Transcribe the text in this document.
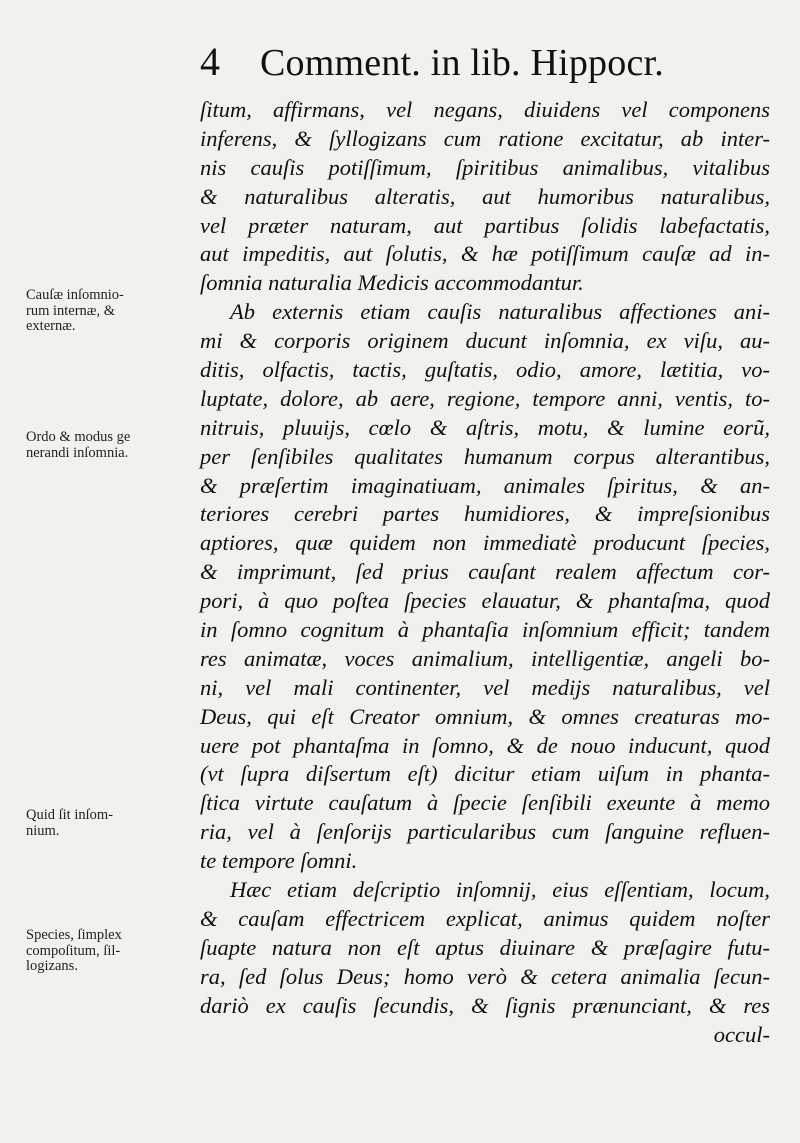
4	Comment. in lib. Hippocr.
ſitum, affirmans, vel negans, diuidens vel componens
inferens, & ſyllogizans cum ratione excitatur, ab inter-
nis cauſis potiſſimum, ſpiritibus animalibus, vitalibus
& naturalibus alteratis, aut humoribus naturalibus,
vel præter naturam, aut partibus ſolidis labefactatis,
aut impeditis, aut ſolutis, & hæ potiſſimum cauſæ ad in-
ſomnia naturalia Medicis accommodantur.
Ab externis etiam cauſis naturalibus affectiones ani-
mi & corporis originem ducunt inſomnia, ex viſu, au-
ditis, olfactis, tactis, guſtatis, odio, amore, lætitia, vo-
luptate, dolore, ab aere, regione, tempore anni, ventis, to-
nitruis, pluuijs, cœlo & aſtris, motu, & lumine eorũ,
per ſenſibiles qualitates humanum corpus alterantibus,
& præſertim imaginatiuam, animales ſpiritus, & an-
teriores cerebri partes humidiores, & impreſsionibus
aptiores, quæ quidem non immediatè producunt ſpecies,
& imprimunt, ſed prius cauſant realem affectum cor-
pori, à quo poſtea ſpecies elauatur, & phantaſma, quod
in ſomno cognitum à phantaſia inſomnium efficit; tandem
res animatæ, voces animalium, intelligentiæ, angeli bo-
ni, vel mali continenter, vel medijs naturalibus, vel
Deus, qui eſt Creator omnium, & omnes creaturas mo-
uere pot phantaſma in ſomno, & de nouo inducunt, quod
(vt ſupra diſsertum eſt) dicitur etiam uiſum in phanta-
ſtica virtute cauſatum à ſpecie ſenſibili exeunte à memo
ria, vel à ſenſorijs particularibus cum ſanguine refluen-
te tempore ſomni.
Hæc etiam deſcriptio inſomnij, eius eſſentiam, locum,
& cauſam effectricem explicat, animus quidem noſter
ſuapte natura non eſt aptus diuinare & præſagire futu-
ra, ſed ſolus Deus; homo verò & cetera animalia ſecun-
dariò ex cauſis ſecundis, & ſignis prænunciant, & res
occul-
Cauſæ inſomnio-
rum internæ, &
externæ.
Ordo & modus ge
nerandi inſomnia.
Quid ſit inſom-
nium.
Species, ſimplex
compoſitum, ſil-
logizans.
